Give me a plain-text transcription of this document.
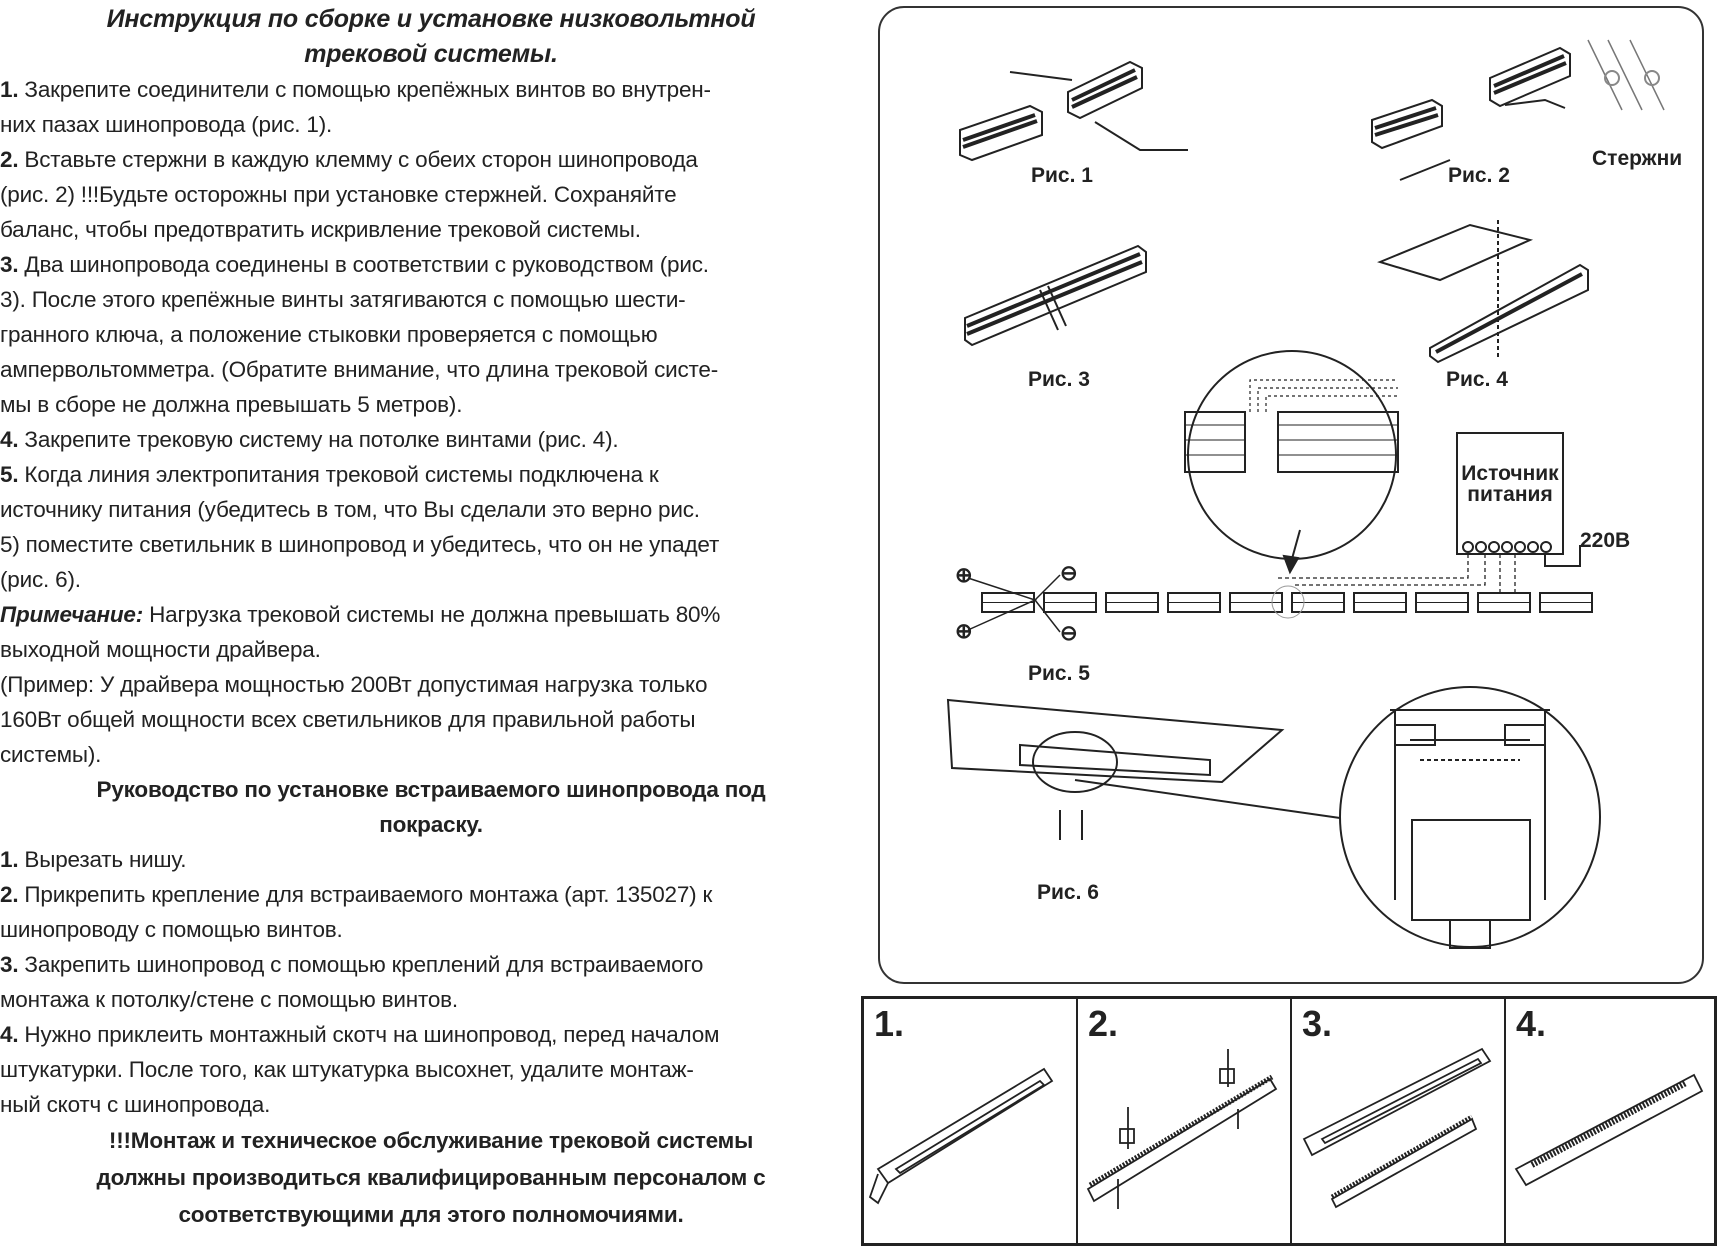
Инструкция по сборке и установке низковольтной
трековой системы.
1. Закрепите соединители с помощью крепёжных винтов во внутрен-
них пазах шинопровода (рис. 1).
2. Вставьте стержни в каждую клемму с обеих сторон шинопровода
(рис. 2) !!!Будьте осторожны при установке стержней. Сохраняйте
баланс, чтобы предотвратить искривление трековой системы.
3. Два шинопровода соединены в соответствии с руководством (рис.
3). После этого крепёжные винты затягиваются с помощью шести-
гранного ключа, а положение стыковки проверяется с помощью
ампервольтомметра. (Обратите внимание, что длина трековой систе-
мы в сборе не должна превышать 5 метров).
4. Закрепите трековую систему на потолке винтами (рис. 4).
5. Когда линия электропитания трековой системы подключена к
источнику питания (убедитесь в том, что Вы сделали это верно рис.
5) поместите светильник в шинопровод и убедитесь, что он не упадет
(рис. 6).
Примечание: Нагрузка трековой системы не должна превышать 80%
выходной мощности драйвера.
(Пример: У драйвера мощностью 200Вт допустимая нагрузка только
160Вт общей мощности всех светильников для правильной работы
системы).
Руководство по установке встраиваемого шинопровода под
покраску.
1. Вырезать нишу.
2. Прикрепить крепление для встраиваемого монтажа (арт. 135027) к
шинопроводу с помощью винтов.
3. Закрепить шинопровод с помощью креплений для встраиваемого
монтажа к потолку/стене с помощью винтов.
4. Нужно приклеить монтажный скотч на шинопровод, перед началом
штукатурки. После того, как штукатурка высохнет, удалите монтаж-
ный скотч с шинопровода.
!!!Монтаж и техническое обслуживание трековой системы
должны производиться квалифицированным персоналом с
соответствующими для этого полномочиями.
Рис. 1	Рис. 2
Стержни
Рис. 3	Рис. 4
Рис. 5
Рис. 6
Источник
питания
220В
⊕
⊕
⊖
⊖
1.	2.	3.	4.
